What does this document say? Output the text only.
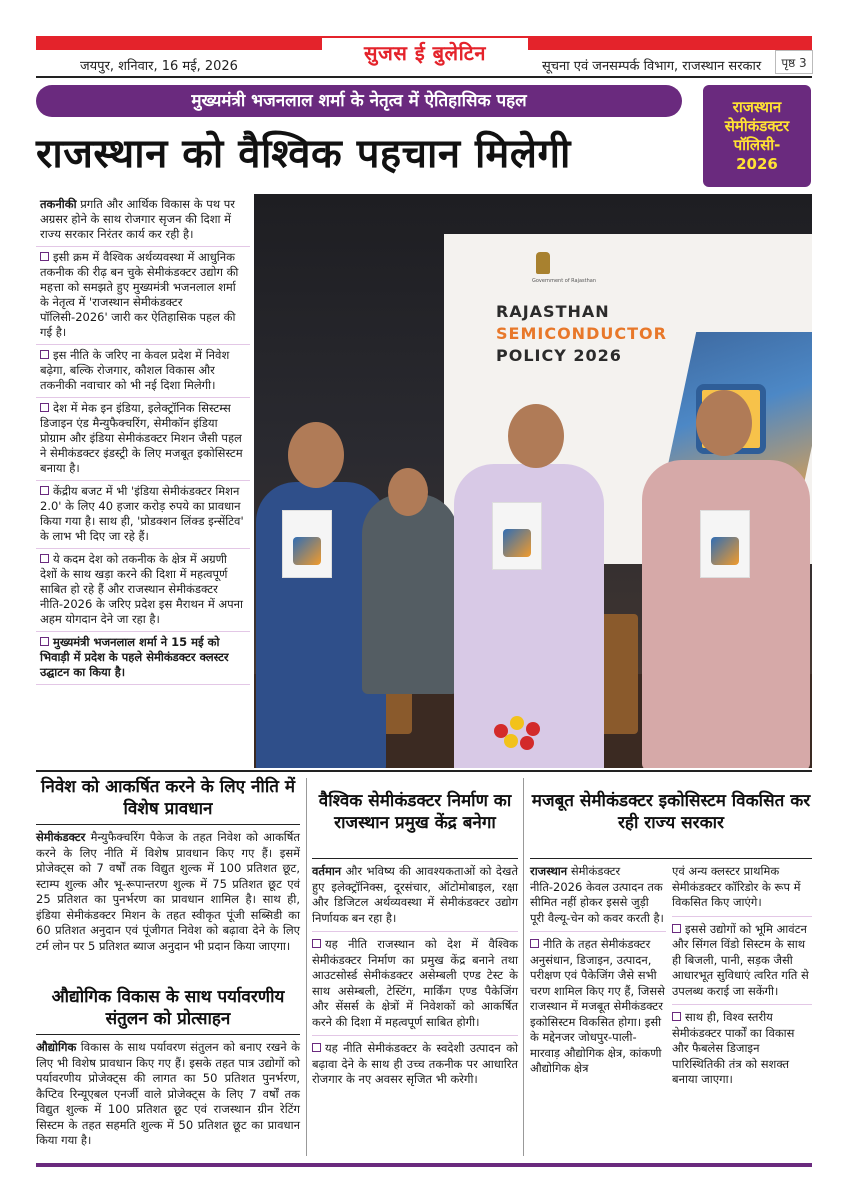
सुजस ई बुलेटिन
जयपुर, शनिवार, 16 मई, 2026	सूचना एवं जनसम्पर्क विभाग, राजस्थान सरकार	पृष्ठ 3
मुख्यमंत्री भजनलाल शर्मा के नेतृत्व में ऐतिहासिक पहल
राजस्थान को वैश्विक पहचान मिलेगी
राजस्थान
सेमीकंडक्टर
पॉलिसी-
2026
Government of Rajasthan
RAJASTHAN
SEMICONDUCTOR
POLICY 2026
तकनीकी प्रगति और आर्थिक विकास के पथ पर अग्रसर होने के साथ रोजगार सृजन की दिशा में राज्य सरकार निरंतर कार्य कर रही है।
इसी क्रम में वैश्विक अर्थव्यवस्था में आधुनिक तकनीक की रीढ़ बन चुके सेमीकंडक्टर उद्योग की महत्ता को समझते हुए मुख्यमंत्री भजनलाल शर्मा के नेतृत्व में 'राजस्थान सेमीकंडक्टर पॉलिसी-2026' जारी कर ऐतिहासिक पहल की गई है।
इस नीति के जरिए ना केवल प्रदेश में निवेश बढ़ेगा, बल्कि रोजगार, कौशल विकास और तकनीकी नवाचार को भी नई दिशा मिलेगी।
देश में मेक इन इंडिया, इलेक्ट्रॉनिक सिस्टम्स डिजाइन एंड मैन्युफैक्चरिंग, सेमीकॉन इंडिया प्रोग्राम और इंडिया सेमीकंडक्टर मिशन जैसी पहल ने सेमीकंडक्टर इंडस्ट्री के लिए मजबूत इकोसिस्टम बनाया है।
केंद्रीय बजट में भी 'इंडिया सेमीकंडक्टर मिशन 2.0' के लिए 40 हजार करोड़ रुपये का प्रावधान किया गया है। साथ ही, 'प्रोडक्शन लिंक्ड इन्सेंटिव' के लाभ भी दिए जा रहे हैं।
ये कदम देश को तकनीक के क्षेत्र में अग्रणी देशों के साथ खड़ा करने की दिशा में महत्वपूर्ण साबित हो रहे हैं और राजस्थान सेमीकंडक्टर नीति-2026 के जरिए प्रदेश इस मैराथन में अपना अहम योगदान देने जा रहा है।
मुख्यमंत्री भजनलाल शर्मा ने 15 मई को भिवाड़ी में प्रदेश के पहले सेमीकंडक्टर क्लस्टर उद्घाटन का किया है।
निवेश को आकर्षित करने के लिए नीति में विशेष प्रावधान
सेमीकंडक्टर मैन्युफैक्चरिंग पैकेज के तहत निवेश को आकर्षित करने के लिए नीति में विशेष प्रावधान किए गए हैं। इसमें प्रोजेक्ट्स को 7 वर्षों तक विद्युत शुल्क में 100 प्रतिशत छूट, स्टाम्प शुल्क और भू-रूपान्तरण शुल्क में 75 प्रतिशत छूट एवं 25 प्रतिशत का पुनर्भरण का प्रावधान शामिल है। साथ ही, इंडिया सेमीकंडक्टर मिशन के तहत स्वीकृत पूंजी सब्सिडी का 60 प्रतिशत अनुदान एवं पूंजीगत निवेश को बढ़ावा देने के लिए टर्म लोन पर 5 प्रतिशत ब्याज अनुदान भी प्रदान किया जाएगा।
औद्योगिक विकास के साथ पर्यावरणीय संतुलन को प्रोत्साहन
औद्योगिक विकास के साथ पर्यावरण संतुलन को बनाए रखने के लिए भी विशेष प्रावधान किए गए हैं। इसके तहत पात्र उद्योगों को पर्यावरणीय प्रोजेक्ट्स की लागत का 50 प्रतिशत पुनर्भरण, कैप्टिव रिन्यूएबल एनर्जी वाले प्रोजेक्ट्स के लिए 7 वर्षों तक विद्युत शुल्क में 100 प्रतिशत छूट एवं राजस्थान ग्रीन रेटिंग सिस्टम के तहत सहमति शुल्क में 50 प्रतिशत छूट का प्रावधान किया गया है।
वैश्विक सेमीकंडक्टर निर्माण का राजस्थान प्रमुख केंद्र बनेगा
वर्तमान और भविष्य की आवश्यकताओं को देखते हुए इलेक्ट्रॉनिक्स, दूरसंचार, ऑटोमोबाइल, रक्षा और डिजिटल अर्थव्यवस्था में सेमीकंडक्टर उद्योग निर्णायक बन रहा है।
यह नीति राजस्थान को देश में वैश्विक सेमीकंडक्टर निर्माण का प्रमुख केंद्र बनाने तथा आउटसोर्स्ड सेमीकंडक्टर असेम्बली एण्ड टेस्ट के साथ असेम्बली, टेस्टिंग, मार्किंग एण्ड पैकेजिंग और सेंसर्स के क्षेत्रों में निवेशकों को आकर्षित करने की दिशा में महत्वपूर्ण साबित होगी।
यह नीति सेमीकंडक्टर के स्वदेशी उत्पादन को बढ़ावा देने के साथ ही उच्च तकनीक पर आधारित रोजगार के नए अवसर सृजित भी करेगी।
मजबूत सेमीकंडक्टर इकोसिस्टम विकसित कर रही राज्य सरकार
राजस्थान सेमीकंडक्टर नीति-2026 केवल उत्पादन तक सीमित नहीं होकर इससे जुड़ी पूरी वैल्यू-चेन को कवर करती है।
नीति के तहत सेमीकंडक्टर अनुसंधान, डिजाइन, उत्पादन, परीक्षण एवं पैकेजिंग जैसे सभी चरण शामिल किए गए हैं, जिससे राजस्थान में मजबूत सेमीकंडक्टर इकोसिस्टम विकसित होगा। इसी के मद्देनजर जोधपुर-पाली-मारवाड़ औद्योगिक क्षेत्र, कांकणी औद्योगिक क्षेत्र
एवं अन्य क्लस्टर प्राथमिक सेमीकंडक्टर कॉरिडोर के रूप में विकसित किए जाएंगे।
इससे उद्योगों को भूमि आवंटन और सिंगल विंडो सिस्टम के साथ ही बिजली, पानी, सड़क जैसी आधारभूत सुविधाएं त्वरित गति से उपलब्ध कराई जा सकेंगी।
साथ ही, विश्व स्तरीय सेमीकंडक्टर पार्कों का विकास और फैबलेस डिजाइन पारिस्थितिकी तंत्र को सशक्त बनाया जाएगा।
